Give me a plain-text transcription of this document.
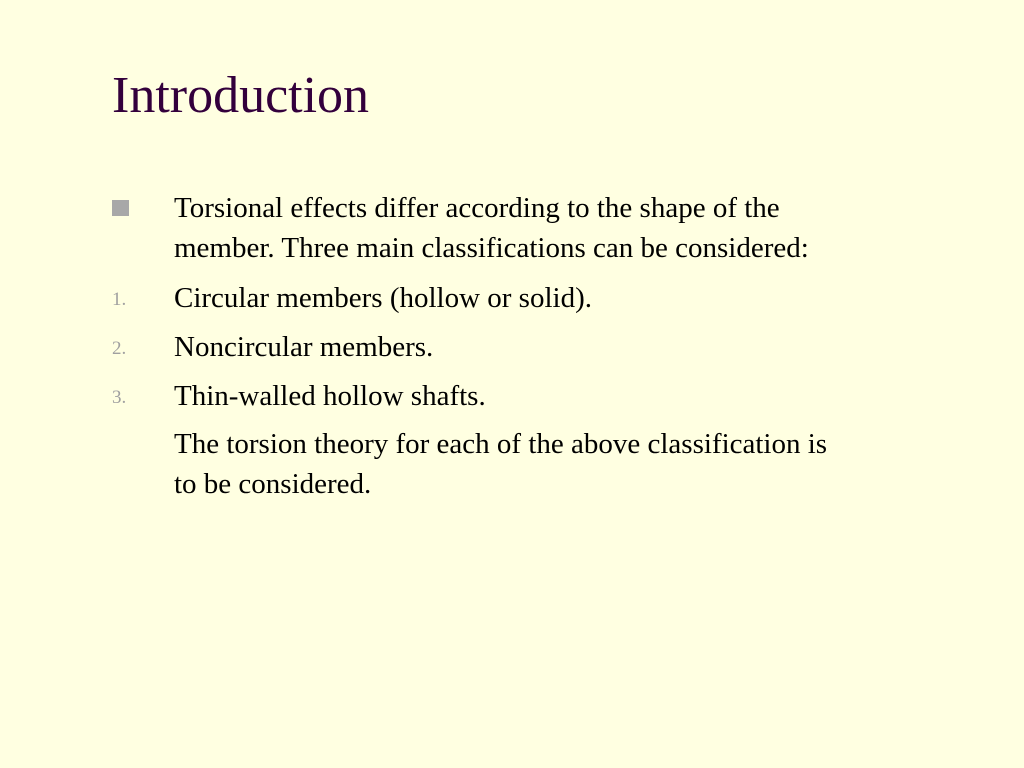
Introduction
Torsional effects differ according to the shape of the
member. Three main classifications can be considered:
1. Circular members (hollow or solid).
2. Noncircular members.
3. Thin-walled hollow shafts.
The torsion theory for each of the above classification is
to be considered.
